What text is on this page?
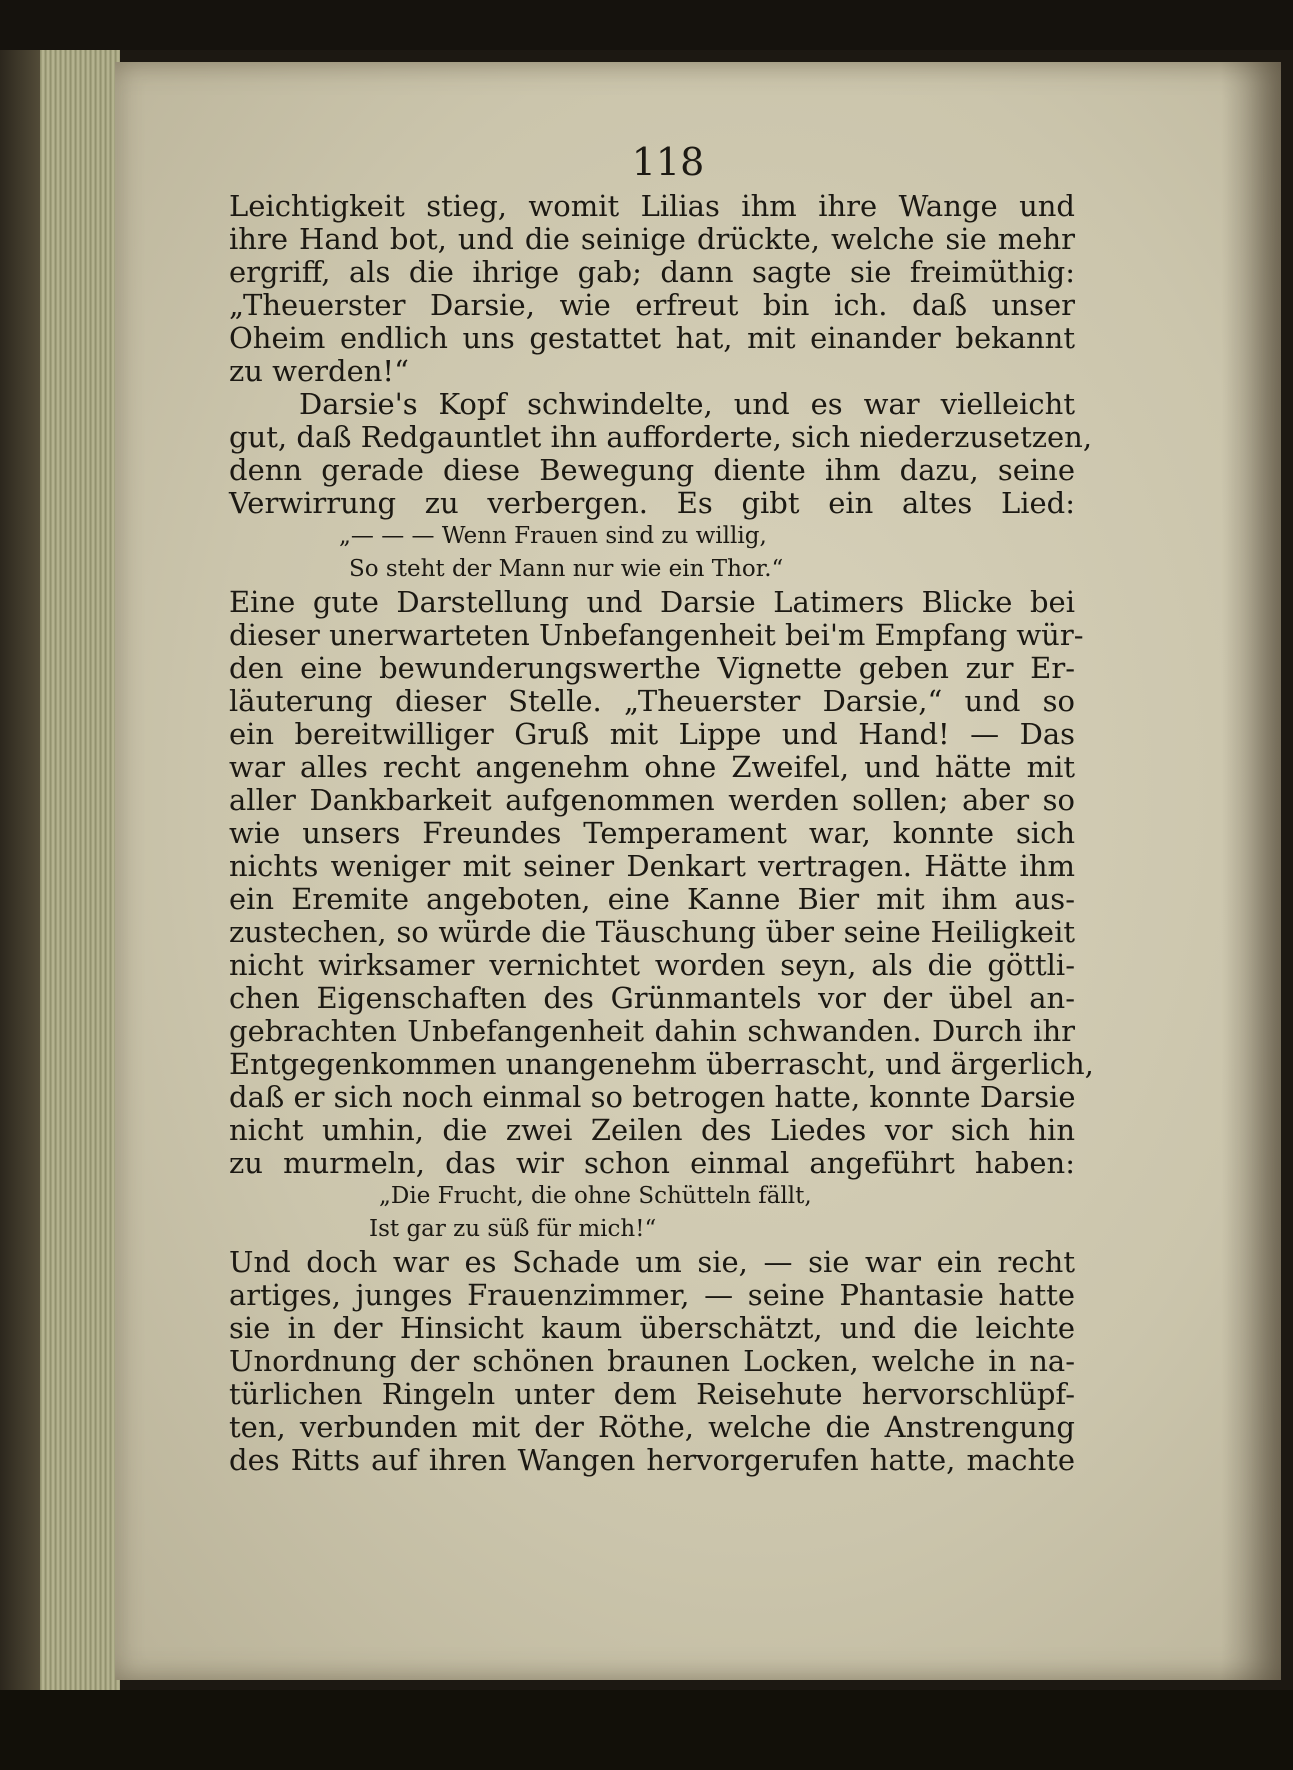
118
Leichtigkeit stieg, womit Lilias ihm ihre Wange und
ihre Hand bot, und die seinige drückte, welche sie mehr
ergriff, als die ihrige gab; dann sagte sie freimüthig:
„Theuerster Darsie, wie erfreut bin ich. daß unser
Oheim endlich uns gestattet hat, mit einander bekannt
zu werden!“
Darsie's Kopf schwindelte, und es war vielleicht
gut, daß Redgauntlet ihn aufforderte, sich niederzusetzen,
denn gerade diese Bewegung diente ihm dazu, seine
Verwirrung zu verbergen. Es gibt ein altes Lied:
„— — — Wenn Frauen sind zu willig,
So steht der Mann nur wie ein Thor.“
Eine gute Darstellung und Darsie Latimers Blicke bei
dieser unerwarteten Unbefangenheit bei'm Empfang wür-
den eine bewunderungswerthe Vignette geben zur Er-
läuterung dieser Stelle. „Theuerster Darsie,“ und so
ein bereitwilliger Gruß mit Lippe und Hand! — Das
war alles recht angenehm ohne Zweifel, und hätte mit
aller Dankbarkeit aufgenommen werden sollen; aber so
wie unsers Freundes Temperament war, konnte sich
nichts weniger mit seiner Denkart vertragen. Hätte ihm
ein Eremite angeboten, eine Kanne Bier mit ihm aus-
zustechen, so würde die Täuschung über seine Heiligkeit
nicht wirksamer vernichtet worden seyn, als die göttli-
chen Eigenschaften des Grünmantels vor der übel an-
gebrachten Unbefangenheit dahin schwanden. Durch ihr
Entgegenkommen unangenehm überrascht, und ärgerlich,
daß er sich noch einmal so betrogen hatte, konnte Darsie
nicht umhin, die zwei Zeilen des Liedes vor sich hin
zu murmeln, das wir schon einmal angeführt haben:
„Die Frucht, die ohne Schütteln fällt,
Ist gar zu süß für mich!“
Und doch war es Schade um sie, — sie war ein recht
artiges, junges Frauenzimmer, — seine Phantasie hatte
sie in der Hinsicht kaum überschätzt, und die leichte
Unordnung der schönen braunen Locken, welche in na-
türlichen Ringeln unter dem Reisehute hervorschlüpf-
ten, verbunden mit der Röthe, welche die Anstrengung
des Ritts auf ihren Wangen hervorgerufen hatte, machte
